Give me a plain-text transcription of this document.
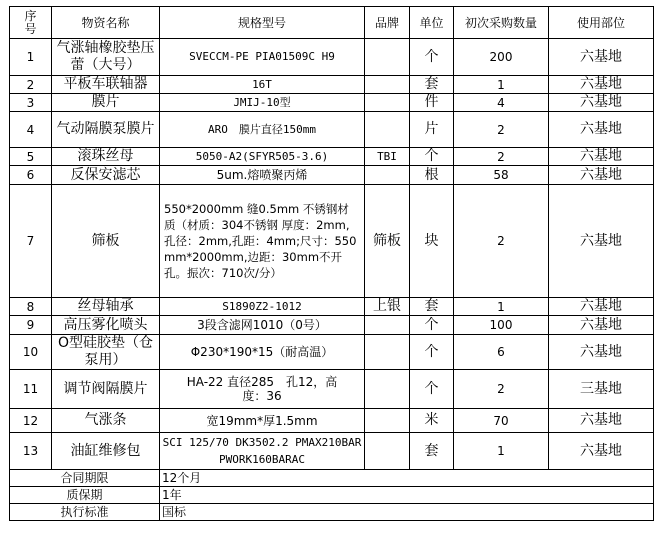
序号	物资名称	规格型号	品牌	单位	初次采购数量	使用部位
1	气涨轴橡胶垫压蕾（大号）	SVECCM-PE PIA01509C H9		个	200	六基地
2	平板车联轴器	16T		套	1	六基地
3	膜片	JMIJ-10型		件	4	六基地
4	气动隔膜泵膜片	ARO　膜片直径150mm		片	2	六基地
5	滚珠丝母	5050-A2(SFYR505-3.6)	TBI	个	2	六基地
6	反保安滤芯	5um.熔喷聚丙烯		根	58	六基地
7	筛板	550*2000mm 缝0.5mm 不锈钢材质（材质：304不锈钢 厚度：2mm,孔径：2mm,孔距：4mm;尺寸：550mm*2000mm,边距：30mm不开孔。振次：710次/分）	筛板	块	2	六基地
8	丝母轴承	S1890Z2-1012	上银	套	1	六基地
9	高压雾化喷头	3段含滤网1010（0号）		个	100	六基地
10	O型硅胶垫（仓泵用）	Φ230*190*15（耐高温）		个	6	六基地
11	调节阀隔膜片	HA-22 直径285　孔12，高度：36		个	2	三基地
12	气涨条	宽19mm*厚1.5mm		米	70	六基地
13	油缸维修包	SCI 125/70 DK3502.2 PMAX210BARPWORK160BARAC		套	1	六基地
合同期限		12个月				
质保期		1年				
执行标准		国标				
